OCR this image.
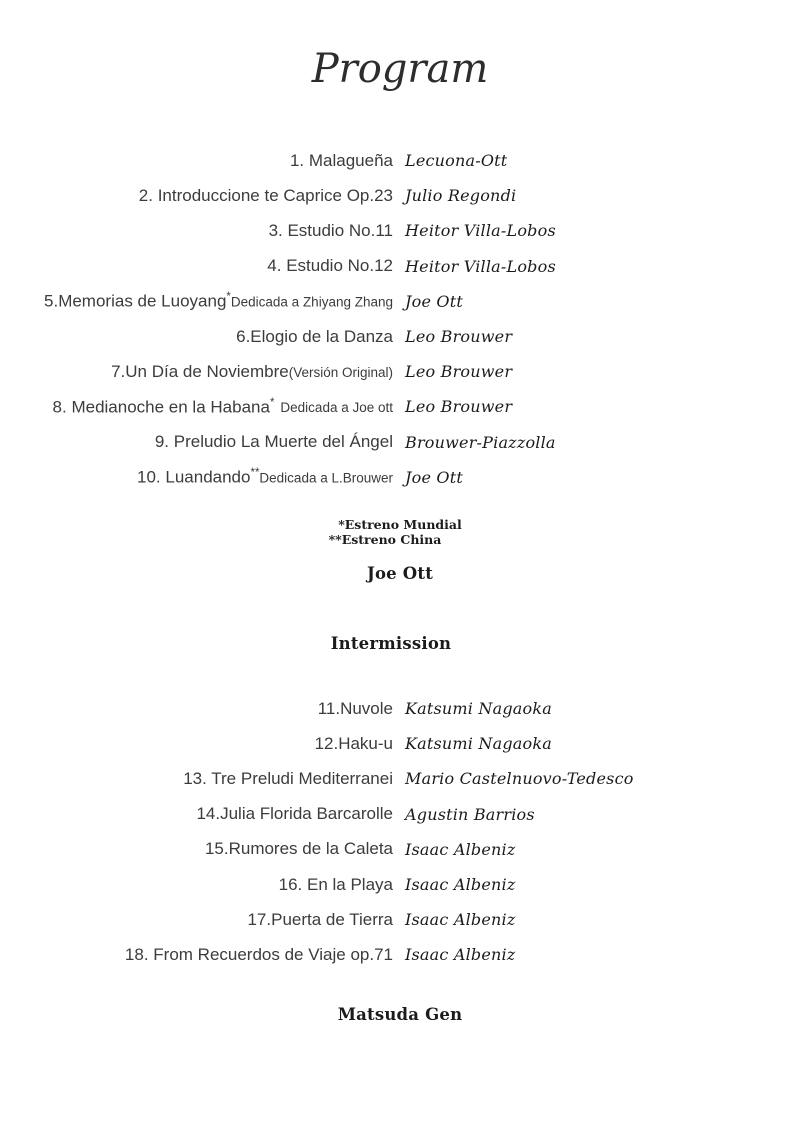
Program
1. Malagueña Lecuona-Ott
2. Introduccione te Caprice Op.23 Julio Regondi
3. Estudio No.11 Heitor Villa-Lobos
4. Estudio No.12 Heitor Villa-Lobos
5.Memorias de Luoyang*Dedicada a Zhiyang Zhang Joe Ott
6.Elogio de la Danza Leo Brouwer
7.Un Día de Noviembre(Versión Original) Leo Brouwer
8. Medianoche en la Habana* Dedicada a Joe ott Leo Brouwer
9. Preludio La Muerte del Ángel Brouwer-Piazzolla
10. Luandando**Dedicada a L.Brouwer Joe Ott
*Estreno Mundial
**Estreno China
Joe Ott
Intermission
11.Nuvole Katsumi Nagaoka
12.Haku-u Katsumi Nagaoka
13. Tre Preludi Mediterranei Mario Castelnuovo-Tedesco
14.Julia Florida Barcarolle Agustin Barrios
15.Rumores de la Caleta Isaac Albeniz
16. En la Playa Isaac Albeniz
17.Puerta de Tierra Isaac Albeniz
18. From Recuerdos de Viaje op.71 Isaac Albeniz
Matsuda Gen
